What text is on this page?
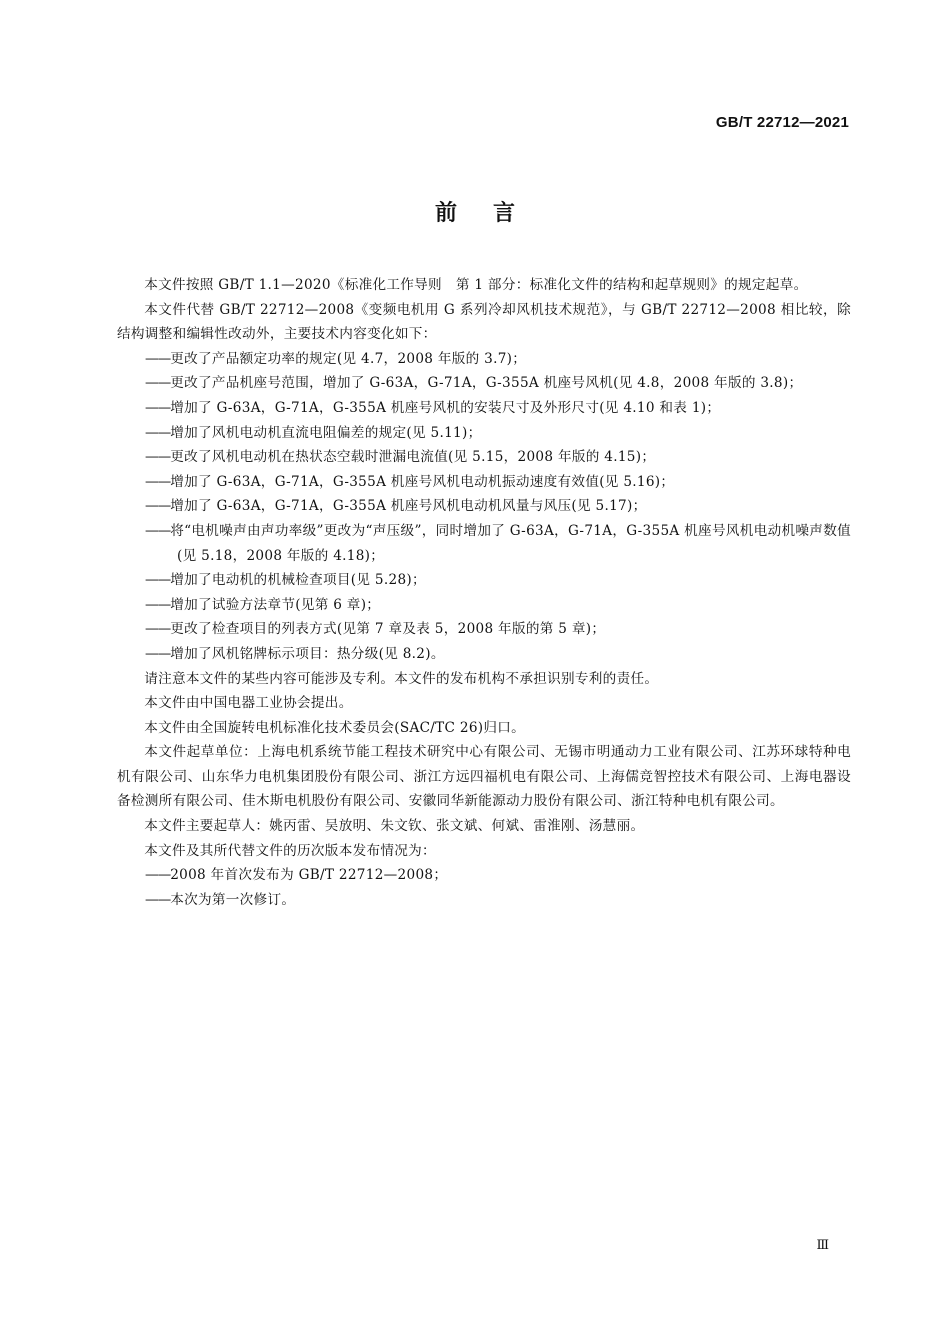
GB/T 22712—2021
前言

本文件按照 GB/T 1.1—2020《标准化工作导则　第 1 部分：标准化文件的结构和起草规则》的规定起草。

本文件代替 GB/T 22712—2008《变频电机用 G 系列冷却风机技术规范》，与 GB/T 22712—2008 相比较，除结构调整和编辑性改动外，主要技术内容变化如下：

——更改了产品额定功率的规定(见 4.7，2008 年版的 3.7)；

——更改了产品机座号范围，增加了 G-63A，G-71A，G-355A 机座号风机(见 4.8，2008 年版的 3.8)；

——增加了 G-63A，G-71A，G-355A 机座号风机的安装尺寸及外形尺寸(见 4.10 和表 1)；

——增加了风机电动机直流电阻偏差的规定(见 5.11)；

——更改了风机电动机在热状态空载时泄漏电流值(见 5.15，2008 年版的 4.15)；

——增加了 G-63A，G-71A，G-355A 机座号风机电动机振动速度有效值(见 5.16)；

——增加了 G-63A，G-71A，G-355A 机座号风机电动机风量与风压(见 5.17)；

——将“电机噪声由声功率级”更改为“声压级”，同时增加了 G-63A，G-71A，G-355A 机座号风机电动机噪声数值(见 5.18，2008 年版的 4.18)；

——增加了电动机的机械检查项目(见 5.28)；

——增加了试验方法章节(见第 6 章)；

——更改了检查项目的列表方式(见第 7 章及表 5，2008 年版的第 5 章)；

——增加了风机铭牌标示项目：热分级(见 8.2)。

请注意本文件的某些内容可能涉及专利。本文件的发布机构不承担识别专利的责任。

本文件由中国电器工业协会提出。

本文件由全国旋转电机标准化技术委员会(SAC/TC 26)归口。

本文件起草单位：上海电机系统节能工程技术研究中心有限公司、无锡市明通动力工业有限公司、江苏环球特种电机有限公司、山东华力电机集团股份有限公司、浙江方远四福机电有限公司、上海儒竞智控技术有限公司、上海电器设备检测所有限公司、佳木斯电机股份有限公司、安徽同华新能源动力股份有限公司、浙江特种电机有限公司。

本文件主要起草人：姚丙雷、吴放明、朱文钦、张文斌、何斌、雷淮刚、汤慧丽。

本文件及其所代替文件的历次版本发布情况为：

——2008 年首次发布为 GB/T 22712—2008；

——本次为第一次修订。

Ⅲ
